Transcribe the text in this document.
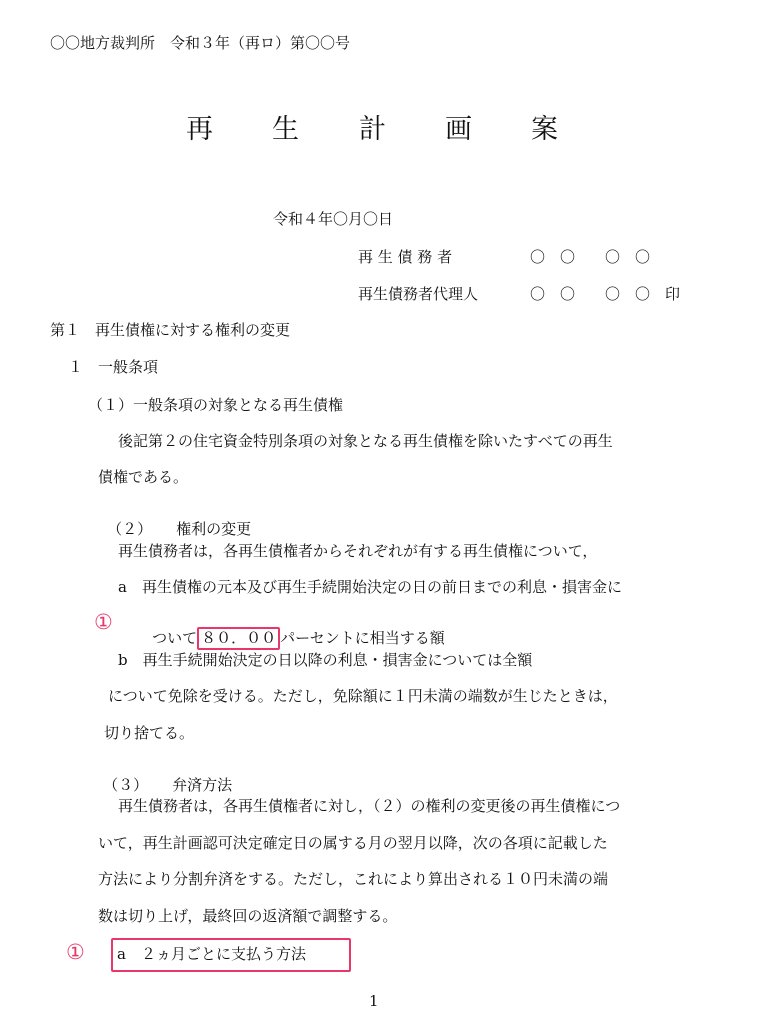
〇〇地方裁判所　令和３年（再ロ）第〇〇号
再 生 計 画 案
令和４年〇月〇日
再 生 債 務 者	〇　〇　　〇　〇
再生債務者代理人	〇　〇　　〇　〇　印
第１　再生債権に対する権利の変更
１　一般条項
（１）一般条項の対象となる再生債権
後記第２の住宅資金特別条項の対象となる再生債権を除いたすべての再生
債権である。

（２） 権利の変更

再生債務者は，各再生債権者からそれぞれが有する再生債権について，
a　再生債権の元本及び再生手続開始決定の日の前日までの利息・損害金に
①

ついて ８０．００ パーセントに相当する額

b　再生手続開始決定の日以降の利息・損害金については全額
について免除を受ける。ただし，免除額に１円未満の端数が生じたときは，
切り捨てる。

（３） 弁済方法

再生債務者は，各再生債権者に対し，（２）の権利の変更後の再生債権につ
いて，再生計画認可決定確定日の属する月の翌月以降，次の各項に記載した
方法により分割弁済をする。ただし，これにより算出される１０円未満の端
数は切り上げ，最終回の返済額で調整する。
①	a　２ヵ月ごとに支払う方法
1
